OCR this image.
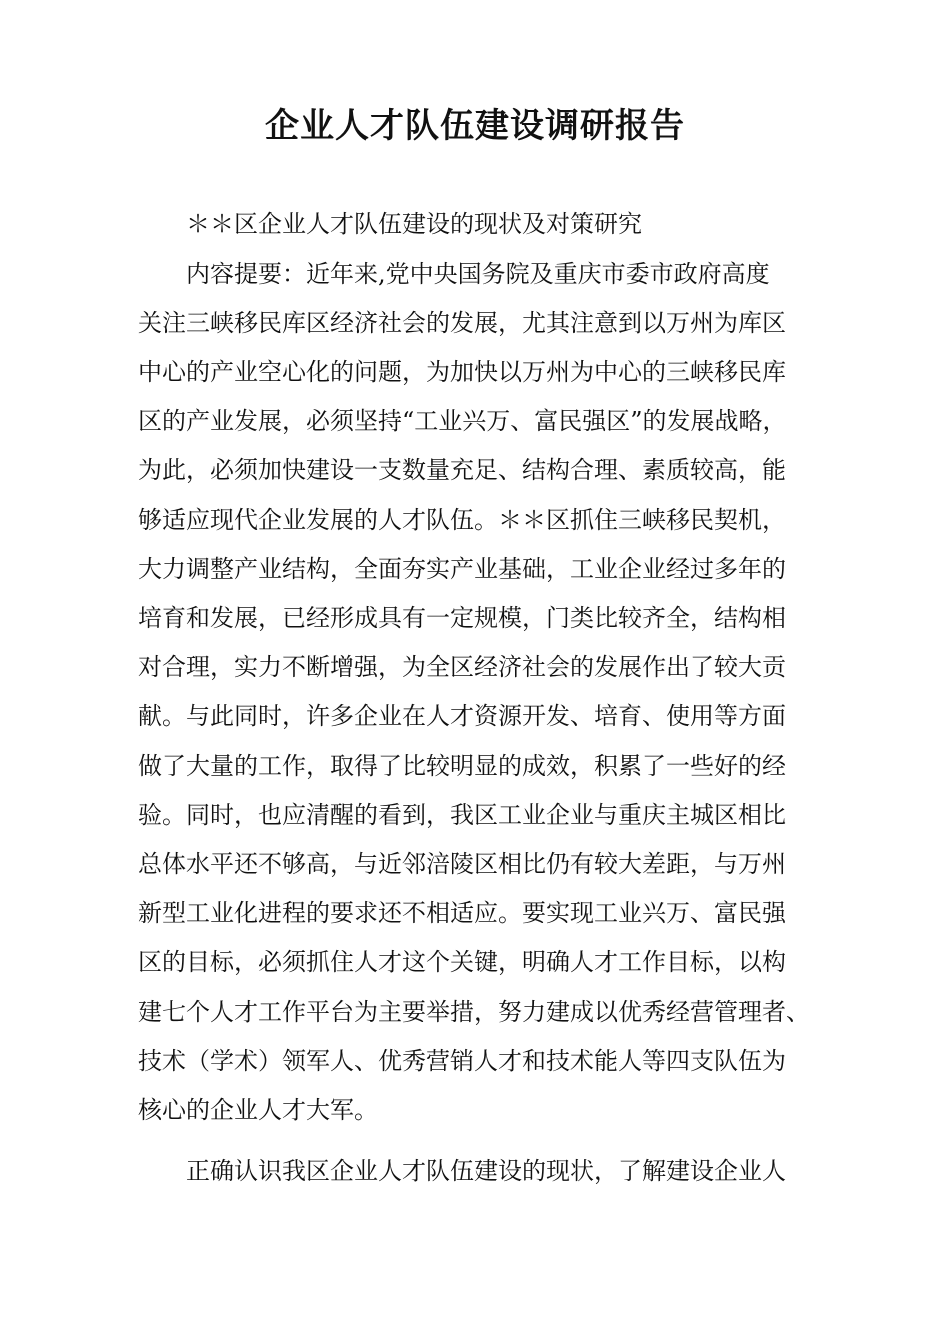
企业人才队伍建设调研报告
＊＊区企业人才队伍建设的现状及对策研究
内容提要：近年来,党中央国务院及重庆市委市政府高度
关注三峡移民库区经济社会的发展，尤其注意到以万州为库区
中心的产业空心化的问题，为加快以万州为中心的三峡移民库
区的产业发展，必须坚持“工业兴万、富民强区”的发展战略，
为此，必须加快建设一支数量充足、结构合理、素质较高，能
够适应现代企业发展的人才队伍。＊＊区抓住三峡移民契机，
大力调整产业结构，全面夯实产业基础，工业企业经过多年的
培育和发展，已经形成具有一定规模，门类比较齐全，结构相
对合理，实力不断增强，为全区经济社会的发展作出了较大贡
献。与此同时，许多企业在人才资源开发、培育、使用等方面
做了大量的工作，取得了比较明显的成效，积累了一些好的经
验。同时，也应清醒的看到，我区工业企业与重庆主城区相比
总体水平还不够高，与近邻涪陵区相比仍有较大差距，与万州
新型工业化进程的要求还不相适应。要实现工业兴万、富民强
区的目标，必须抓住人才这个关键，明确人才工作目标，以构
建七个人才工作平台为主要举措，努力建成以优秀经营管理者、
技术（学术）领军人、优秀营销人才和技术能人等四支队伍为
核心的企业人才大军。
正确认识我区企业人才队伍建设的现状，了解建设企业人
